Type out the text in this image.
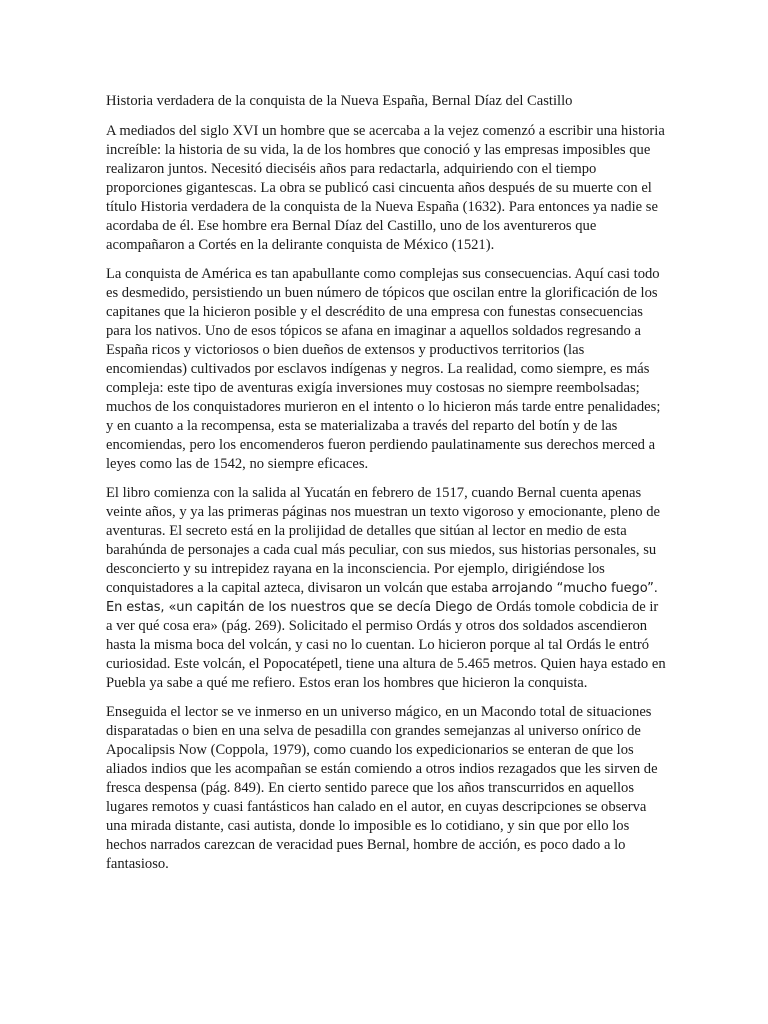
Historia verdadera de la conquista de la Nueva España, Bernal Díaz del Castillo

A mediados del siglo XVI un hombre que se acercaba a la vejez comenzó a escribir una historia increíble: la historia de su vida, la de los hombres que conoció y las empresas imposibles que realizaron juntos. Necesitó dieciséis años para redactarla, adquiriendo con el tiempo proporciones gigantescas. La obra se publicó casi cincuenta años después de su muerte con el título Historia verdadera de la conquista de la Nueva España (1632). Para entonces ya nadie se acordaba de él. Ese hombre era Bernal Díaz del Castillo, uno de los aventureros que acompañaron a Cortés en la delirante conquista de México (1521).

La conquista de América es tan apabullante como complejas sus consecuencias. Aquí casi todo es desmedido, persistiendo un buen número de tópicos que oscilan entre la glorificación de los capitanes que la hicieron posible y el descrédito de una empresa con funestas consecuencias para los nativos. Uno de esos tópicos se afana en imaginar a aquellos soldados regresando a España ricos y victoriosos o bien dueños de extensos y productivos territorios (las encomiendas) cultivados por esclavos indígenas y negros. La realidad, como siempre, es más compleja: este tipo de aventuras exigía inversiones muy costosas no siempre reembolsadas; muchos de los conquistadores murieron en el intento o lo hicieron más tarde entre penalidades; y en cuanto a la recompensa, esta se materializaba a través del reparto del botín y de las encomiendas, pero los encomenderos fueron perdiendo paulatinamente sus derechos merced a leyes como las de 1542, no siempre eficaces.

El libro comienza con la salida al Yucatán en febrero de 1517, cuando Bernal cuenta apenas veinte años, y ya las primeras páginas nos muestran un texto vigoroso y emocionante, pleno de aventuras. El secreto está en la prolijidad de detalles que sitúan al lector en medio de esta barahúnda de personajes a cada cual más peculiar, con sus miedos, sus historias personales, su desconcierto y su intrepidez rayana en la inconsciencia. Por ejemplo, dirigiéndose los conquistadores a la capital azteca, divisaron un volcán que estaba arrojando “mucho fuego”. En estas, «un capitán de los nuestros que se decía Diego de Ordás tomole cobdicia de ir a ver qué cosa era» (pág. 269). Solicitado el permiso Ordás y otros dos soldados ascendieron hasta la misma boca del volcán, y casi no lo cuentan. Lo hicieron porque al tal Ordás le entró curiosidad. Este volcán, el Popocatépetl, tiene una altura de 5.465 metros. Quien haya estado en Puebla ya sabe a qué me refiero. Estos eran los hombres que hicieron la conquista.

Enseguida el lector se ve inmerso en un universo mágico, en un Macondo total de situaciones disparatadas o bien en una selva de pesadilla con grandes semejanzas al universo onírico de Apocalipsis Now (Coppola, 1979), como cuando los expedicionarios se enteran de que los aliados indios que les acompañan se están comiendo a otros indios rezagados que les sirven de fresca despensa (pág. 849). En cierto sentido parece que los años transcurridos en aquellos lugares remotos y cuasi fantásticos han calado en el autor, en cuyas descripciones se observa una mirada distante, casi autista, donde lo imposible es lo cotidiano, y sin que por ello los hechos narrados carezcan de veracidad pues Bernal, hombre de acción, es poco dado a lo fantasioso.
